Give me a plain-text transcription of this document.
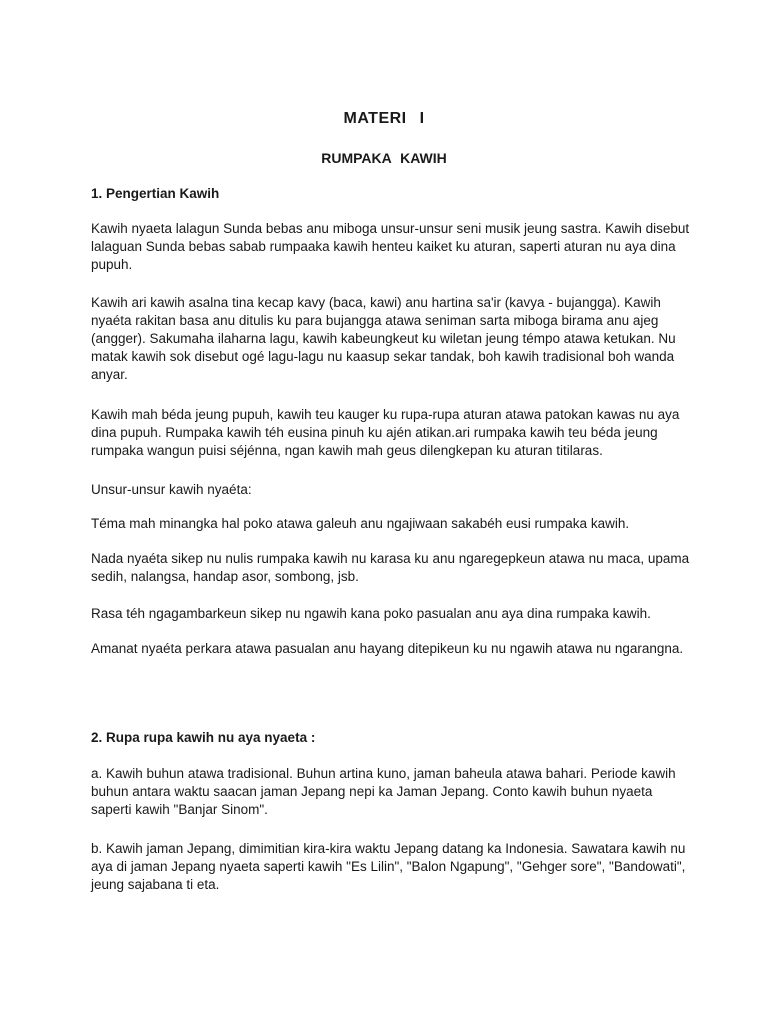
MATERI I
RUMPAKA KAWIH
1. Pengertian Kawih

Kawih nyaeta lalagun Sunda bebas anu miboga unsur-unsur seni musik jeung sastra. Kawih disebut lalaguan Sunda bebas sabab rumpaaka kawih henteu kaiket ku aturan, saperti aturan nu aya dina pupuh.

Kawih ari kawih asalna tina kecap kavy (baca, kawi) anu hartina sa'ir (kavya - bujangga). Kawih nyaéta rakitan basa anu ditulis ku para bujangga atawa seniman sarta miboga birama anu ajeg (angger). Sakumaha ilaharna lagu, kawih kabeungkeut ku wiletan jeung témpo atawa ketukan. Nu matak kawih sok disebut ogé lagu-lagu nu kaasup sekar tandak, boh kawih tradisional boh wanda anyar.

Kawih mah béda jeung pupuh, kawih teu kauger ku rupa-rupa aturan atawa patokan kawas nu aya dina pupuh. Rumpaka kawih téh eusina pinuh ku ajén atikan.ari rumpaka kawih teu béda jeung rumpaka wangun puisi séjénna, ngan kawih mah geus dilengkepan ku aturan titilaras.

Unsur-unsur kawih nyaéta:

Téma mah minangka hal poko atawa galeuh anu ngajiwaan sakabéh eusi rumpaka kawih.

Nada nyaéta sikep nu nulis rumpaka kawih nu karasa ku anu ngaregepkeun atawa nu maca, upama sedih, nalangsa, handap asor, sombong, jsb.

Rasa téh ngagambarkeun sikep nu ngawih kana poko pasualan anu aya dina rumpaka kawih.

Amanat nyaéta perkara atawa pasualan anu hayang ditepikeun ku nu ngawih atawa nu ngarangna.

2. Rupa rupa kawih nu aya nyaeta :

a. Kawih buhun atawa tradisional. Buhun artina kuno, jaman baheula atawa bahari. Periode kawih buhun antara waktu saacan jaman Jepang nepi ka Jaman Jepang. Conto kawih buhun nyaeta saperti kawih "Banjar Sinom".

b. Kawih jaman Jepang, dimimitian kira-kira waktu Jepang datang ka Indonesia. Sawatara kawih nu aya di jaman Jepang nyaeta saperti kawih "Es Lilin", "Balon Ngapung", "Gehger sore", "Bandowati", jeung sajabana ti eta.
